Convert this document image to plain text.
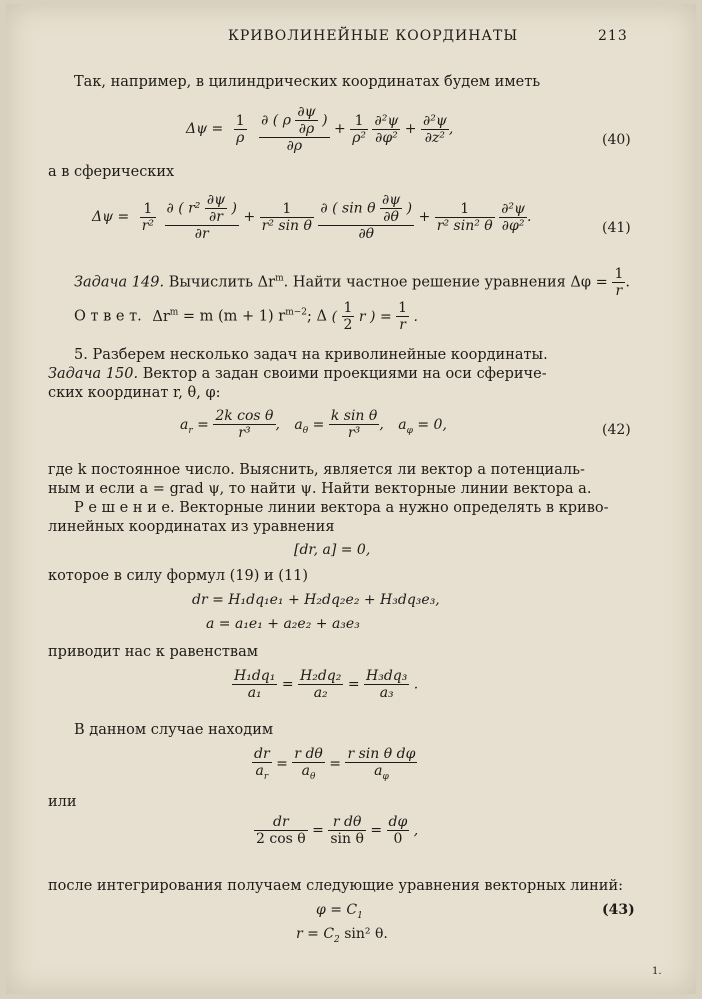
КРИВОЛИНЕЙНЫЕ КООРДИНАТЫ	213
Так, например, в цилиндрических координатах будем иметь
$\Delta\psi = \frac{1}{\rho}$
$\frac{\partial ( \rho \frac{\partial\psi}{\partial\rho} )}{\partial\rho} + \frac{1}{\text{ρ²}}$
$\frac{\text{∂²ψ}}{\text{∂φ²}} + \frac{\text{∂²ψ}}{\text{∂z²}}$ ,
(40)
а в сферических
$\Delta\psi = \frac{1}{\text{r²}}$
$\frac{\partial ( r^2 \frac{\partial\psi}{\partial r} )}{\partial r} + \frac{1}{\text{r² sin θ}}$
$\frac{\partial ( \sin \theta \frac{\partial\psi}{\partial\theta} )}{\partial\theta} + \frac{1}{\text{r² sin² θ}}$
$\frac{\text{∂²ψ}}{\text{∂φ²}}$ .
(41)
Задача 149. Вычислить $\Delta r^m$. Найти частное решение уравнения $\Delta\varphi = \frac{1}{r}$ .
О т в е т. $\Delta r^m = m$ (m + 1) $r^{m-2}$; Δ ( $\frac{1}{2}$ r ) = $\frac{1}{r}$ .
5. Разберем несколько задач на криволинейные координаты.
Задача 150. Вектор а задан своими проекциями на оси сфериче-
ских координат r, θ, φ:
$a_r = \frac{\text{2k cos θ}}{\text{r³}}$ , $a_\theta = \frac{\text{k sin θ}}{\text{r³}}$ , $a_\varphi = 0$,	(42)
где k постоянное число. Выяснить, является ли вектор а потенциаль-
ным и если а = grad ψ, то найти ψ. Найти векторные линии вектора а.
Р е ш е н и е. Векторные линии вектора а нужно определять в криво-
линейных координатах из уравнения
[dr, a] = 0,
которое в силу формул (19) и (11)
dr = H₁dq₁e₁ + H₂dq₂e₂ + H₃dq₃e₃,
a = a₁e₁ + a₂e₂ + a₃e₃
приводит нас к равенствам
$\frac{\text{H₁dq₁}}{\text{a₁}} = \frac{\text{H₂dq₂}}{\text{a₂}} = \frac{\text{H₃dq₃}}{\text{a₃}}$ .
В данном случае находим
$\frac{dr}{a_r} = \frac{\text{r dθ}}{a_\theta} = \frac{\text{r sin θ dφ}}{a_\varphi}$
или
$\frac{dr}{\text{2 cos θ}} = \frac{\text{r dθ}}{\text{sin θ}} = \frac{d\varphi}{0}$ ,
после интегрирования получаем следующие уравнения векторных линий:
$\varphi = C_1$	(43)
$r = C_2$ sin² θ.
1.
